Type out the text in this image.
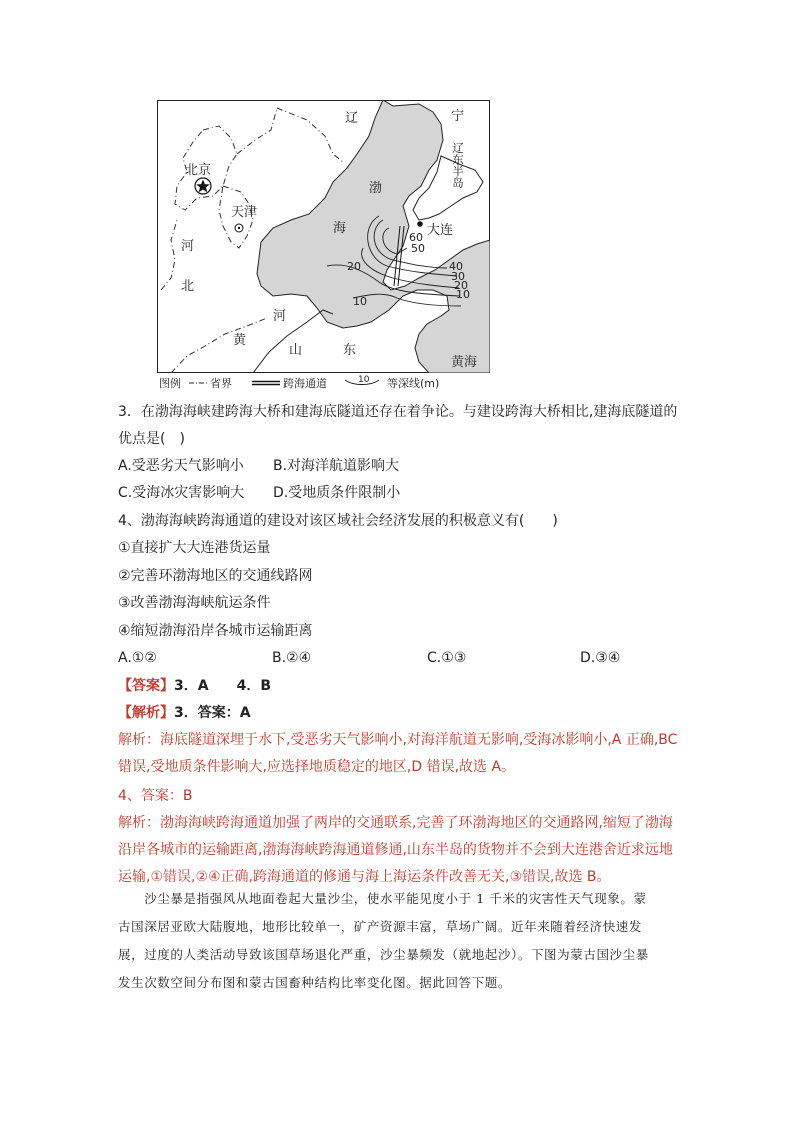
辽	宁
北京
天津
渤
海	大连
河
北
河
黄
山	东
黄海
辽东半岛
60
50
40
30
20
20
10
10
图例	省界	跨海通道	10 等深线(m)
3．在渤海海峡建跨海大桥和建海底隧道还存在着争论。与建设跨海大桥相比,建海底隧道的
优点是(　)
A.受恶劣天气影响小 B.对海洋航道影响大
C.受海冰灾害影响大 D.受地质条件限制小
4、渤海海峡跨海通道的建设对该区域社会经济发展的积极意义有(　　)
①直接扩大大连港货运量
②完善环渤海地区的交通线路网
③改善渤海海峡航运条件
④缩短渤海沿岸各城市运输距离
A.①②	B.②④	C.①③	D.③④
【答案】3．A　　4．B
【解析】3．答案：A
解析：海底隧道深埋于水下,受恶劣天气影响小,对海洋航道无影响,受海冰影响小,A 正确,BC
错误,受地质条件影响大,应选择地质稳定的地区,D 错误,故选 A。
4、答案：B
解析：渤海海峡跨海通道加强了两岸的交通联系,完善了环渤海地区的交通路网,缩短了渤海
沿岸各城市的运输距离,渤海海峡跨海通道修通,山东半岛的货物并不会到大连港舍近求远地
运输,①错误,②④正确,跨海通道的修通与海上海运条件改善无关,③错误,故选 B。
　　沙尘暴是指强风从地面卷起大量沙尘，使水平能见度小于 1 千米的灾害性天气现象。蒙
古国深居亚欧大陆腹地，地形比较单一，矿产资源丰富，草场广阔。近年来随着经济快速发
展，过度的人类活动导致该国草场退化严重，沙尘暴频发（就地起沙）。下图为蒙古国沙尘暴
发生次数空间分布图和蒙古国畜种结构比率变化图。据此回答下题。
